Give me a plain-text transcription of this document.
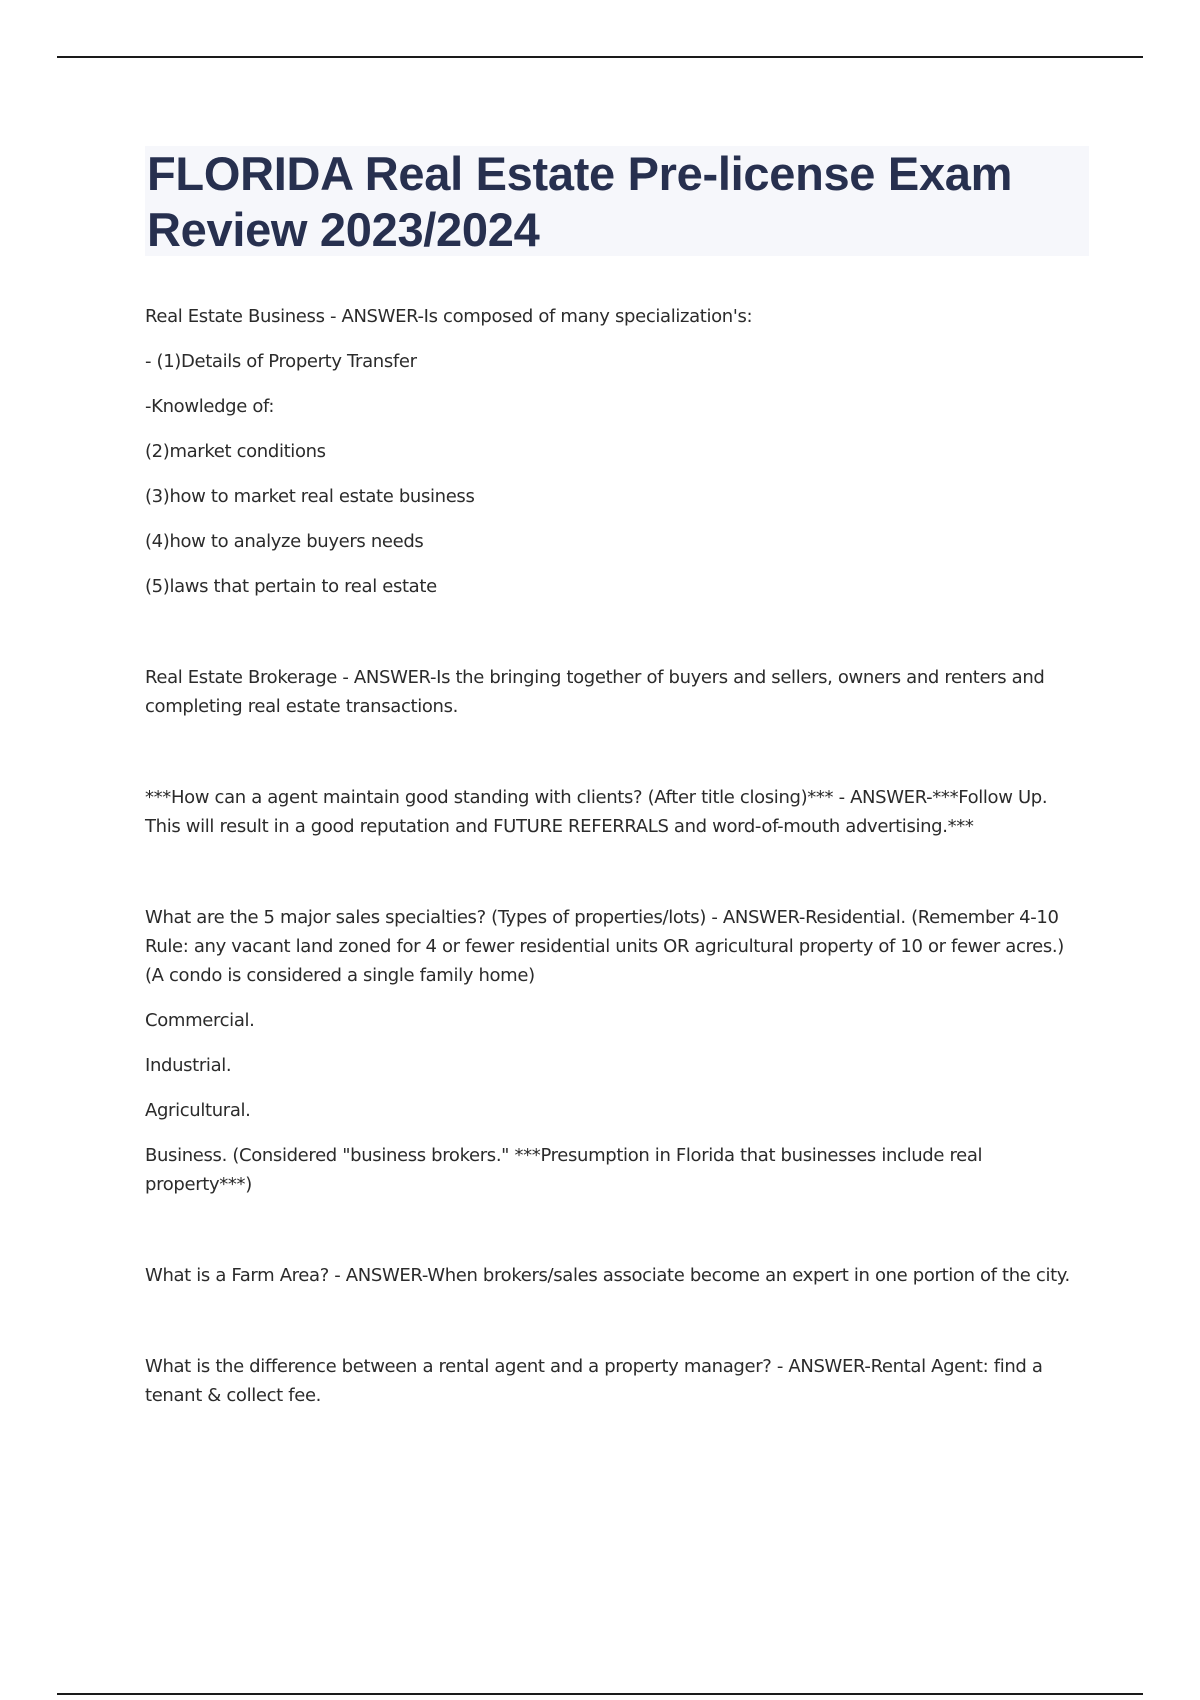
FLORIDA Real Estate Pre-license Exam
Review 2023/2024

Real Estate Business - ANSWER-Is composed of many specialization's:

- (1)Details of Property Transfer

-Knowledge of:

(2)market conditions

(3)how to market real estate business

(4)how to analyze buyers needs

(5)laws that pertain to real estate

Real Estate Brokerage - ANSWER-Is the bringing together of buyers and sellers, owners and renters and completing real estate transactions.

***How can a agent maintain good standing with clients? (After title closing)*** - ANSWER-***Follow Up. This will result in a good reputation and FUTURE REFERRALS and word-of-mouth advertising.***

What are the 5 major sales specialties? (Types of properties/lots) - ANSWER-Residential. (Remember 4-10 Rule: any vacant land zoned for 4 or fewer residential units OR agricultural property of 10 or fewer acres.)(A condo is considered a single family home)

Commercial.

Industrial.

Agricultural.

Business. (Considered "business brokers." ***Presumption in Florida that businesses include real property***)

What is a Farm Area? - ANSWER-When brokers/sales associate become an expert in one portion of the city.

What is the difference between a rental agent and a property manager? - ANSWER-Rental Agent: find a tenant & collect fee.
